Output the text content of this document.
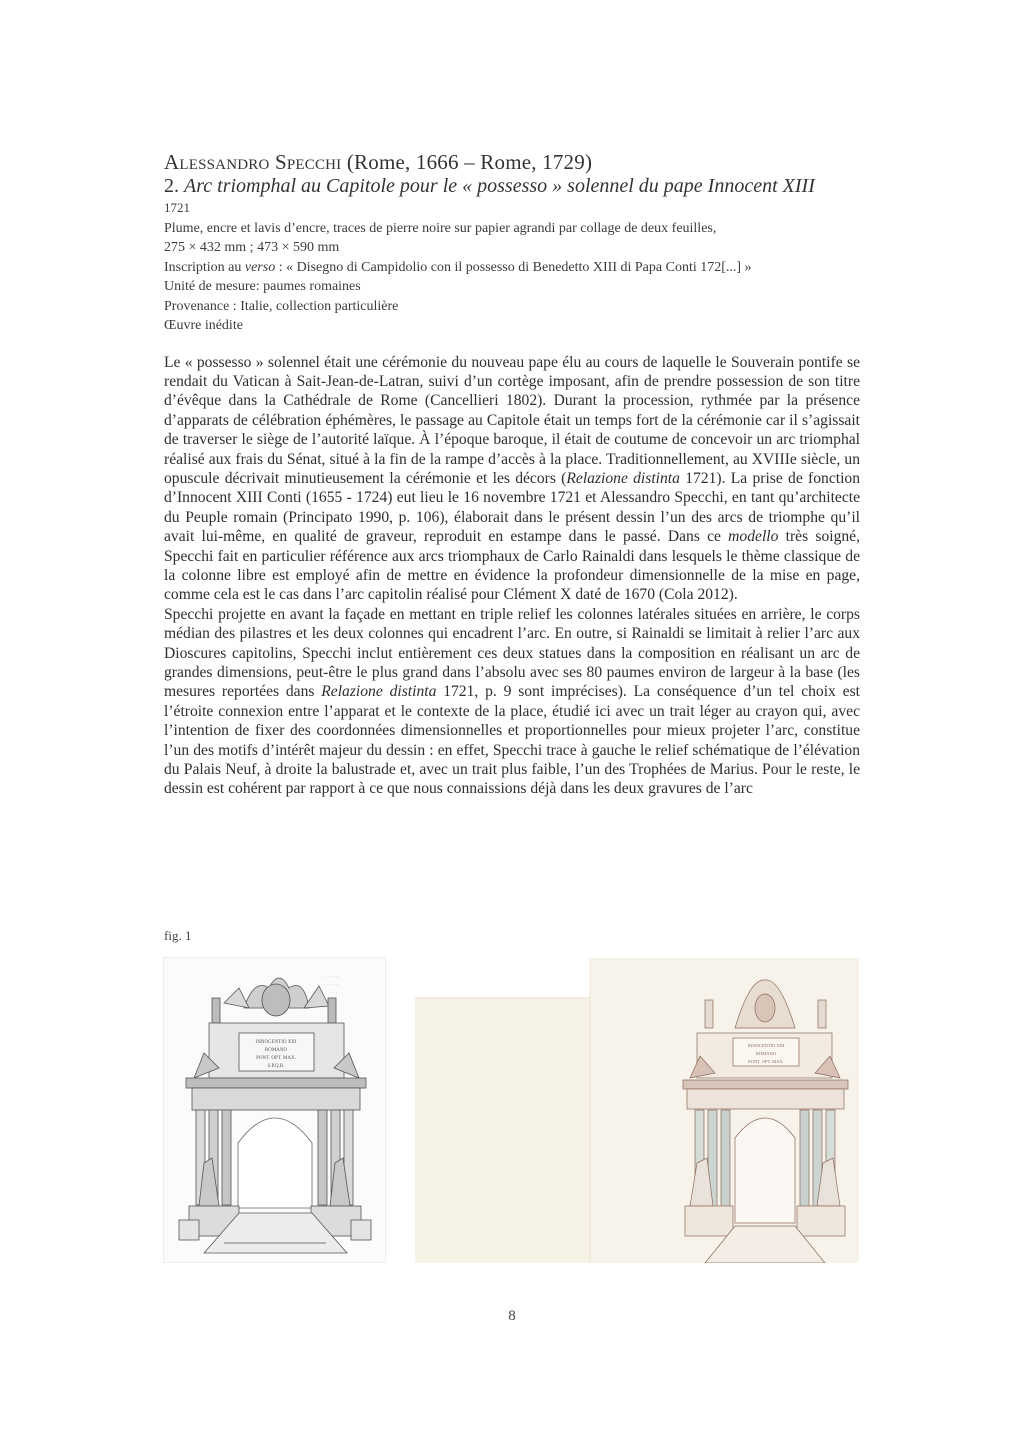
Alessandro Specchi (Rome, 1666 – Rome, 1729)

2. Arc triomphal au Capitole pour le « possesso » solennel du pape Innocent XIII

1721

Plume, encre et lavis d’encre, traces de pierre noire sur papier agrandi par collage de deux feuilles,

275 × 432 mm ; 473 × 590 mm

Inscription au verso : « Disegno di Campidolio con il possesso di Benedetto XIII di Papa Conti 172[...] »

Unité de mesure: paumes romaines

Provenance : Italie, collection particulière

Œuvre inédite

Le « possesso » solennel était une cérémonie du nouveau pape élu au cours de laquelle le Souverain pontife se rendait du Vatican à Sait-Jean-de-Latran, suivi d’un cortège imposant, afin de prendre possession de son titre d’évêque dans la Cathédrale de Rome (Cancellieri 1802). Durant la procession, rythmée par la présence d’apparats de célébration éphémères, le passage au Capitole était un temps fort de la cérémonie car il s’agissait de traverser le siège de l’autorité laïque. À l’époque baroque, il était de coutume de concevoir un arc triomphal réalisé aux frais du Sénat, situé à la fin de la rampe d’accès à la place. Traditionnellement, au XVIIIe siècle, un opuscule décrivait minutieusement la cérémonie et les décors (Relazione distinta 1721). La prise de fonction d’Innocent XIII Conti (1655 - 1724) eut lieu le 16 novembre 1721 et Alessandro Specchi, en tant qu’architecte du Peuple romain (Principato 1990, p. 106), élaborait dans le présent dessin l’un des arcs de triomphe qu’il avait lui-même, en qualité de graveur, reproduit en estampe dans le passé. Dans ce modello très soigné, Specchi fait en particulier référence aux arcs triomphaux de Carlo Rainaldi dans lesquels le thème classique de la colonne libre est employé afin de mettre en évidence la profondeur dimensionnelle de la mise en page, comme cela est le cas dans l’arc capitolin réalisé pour Clément X daté de 1670 (Cola 2012).

Specchi projette en avant la façade en mettant en triple relief les colonnes latérales situées en arrière, le corps médian des pilastres et les deux colonnes qui encadrent l’arc. En outre, si Rainaldi se limitait à relier l’arc aux Dioscures capitolins, Specchi inclut entièrement ces deux statues dans la composition en réalisant un arc de grandes dimensions, peut-être le plus grand dans l’absolu avec ses 80 paumes environ de largeur à la base (les mesures reportées dans Relazione distinta 1721, p. 9 sont imprécises). La conséquence d’un tel choix est l’étroite connexion entre l’apparat et le contexte de la place, étudié ici avec un trait léger au crayon qui, avec l’intention de fixer des coordonnées dimensionnelles et proportionnelles pour mieux projeter l’arc, constitue l’un des motifs d’intérêt majeur du dessin : en effet, Specchi trace à gauche le relief schématique de l’élévation du Palais Neuf, à droite la balustrade et, avec un trait plus faible, l’un des Trophées de Marius. Pour le reste, le dessin est cohérent par rapport à ce que nous connaissions déjà dans les deux gravures de l’arc

fig. 1
· · · · · · ·
· · · · · · ·
· · · · ·
INNOCENTIO XIII
ROMANO
PONT. OPT. MAX.
S.P.Q.R.
INNOCENTIO XIII
ROMANO
PONT. OPT. MAX.
8
